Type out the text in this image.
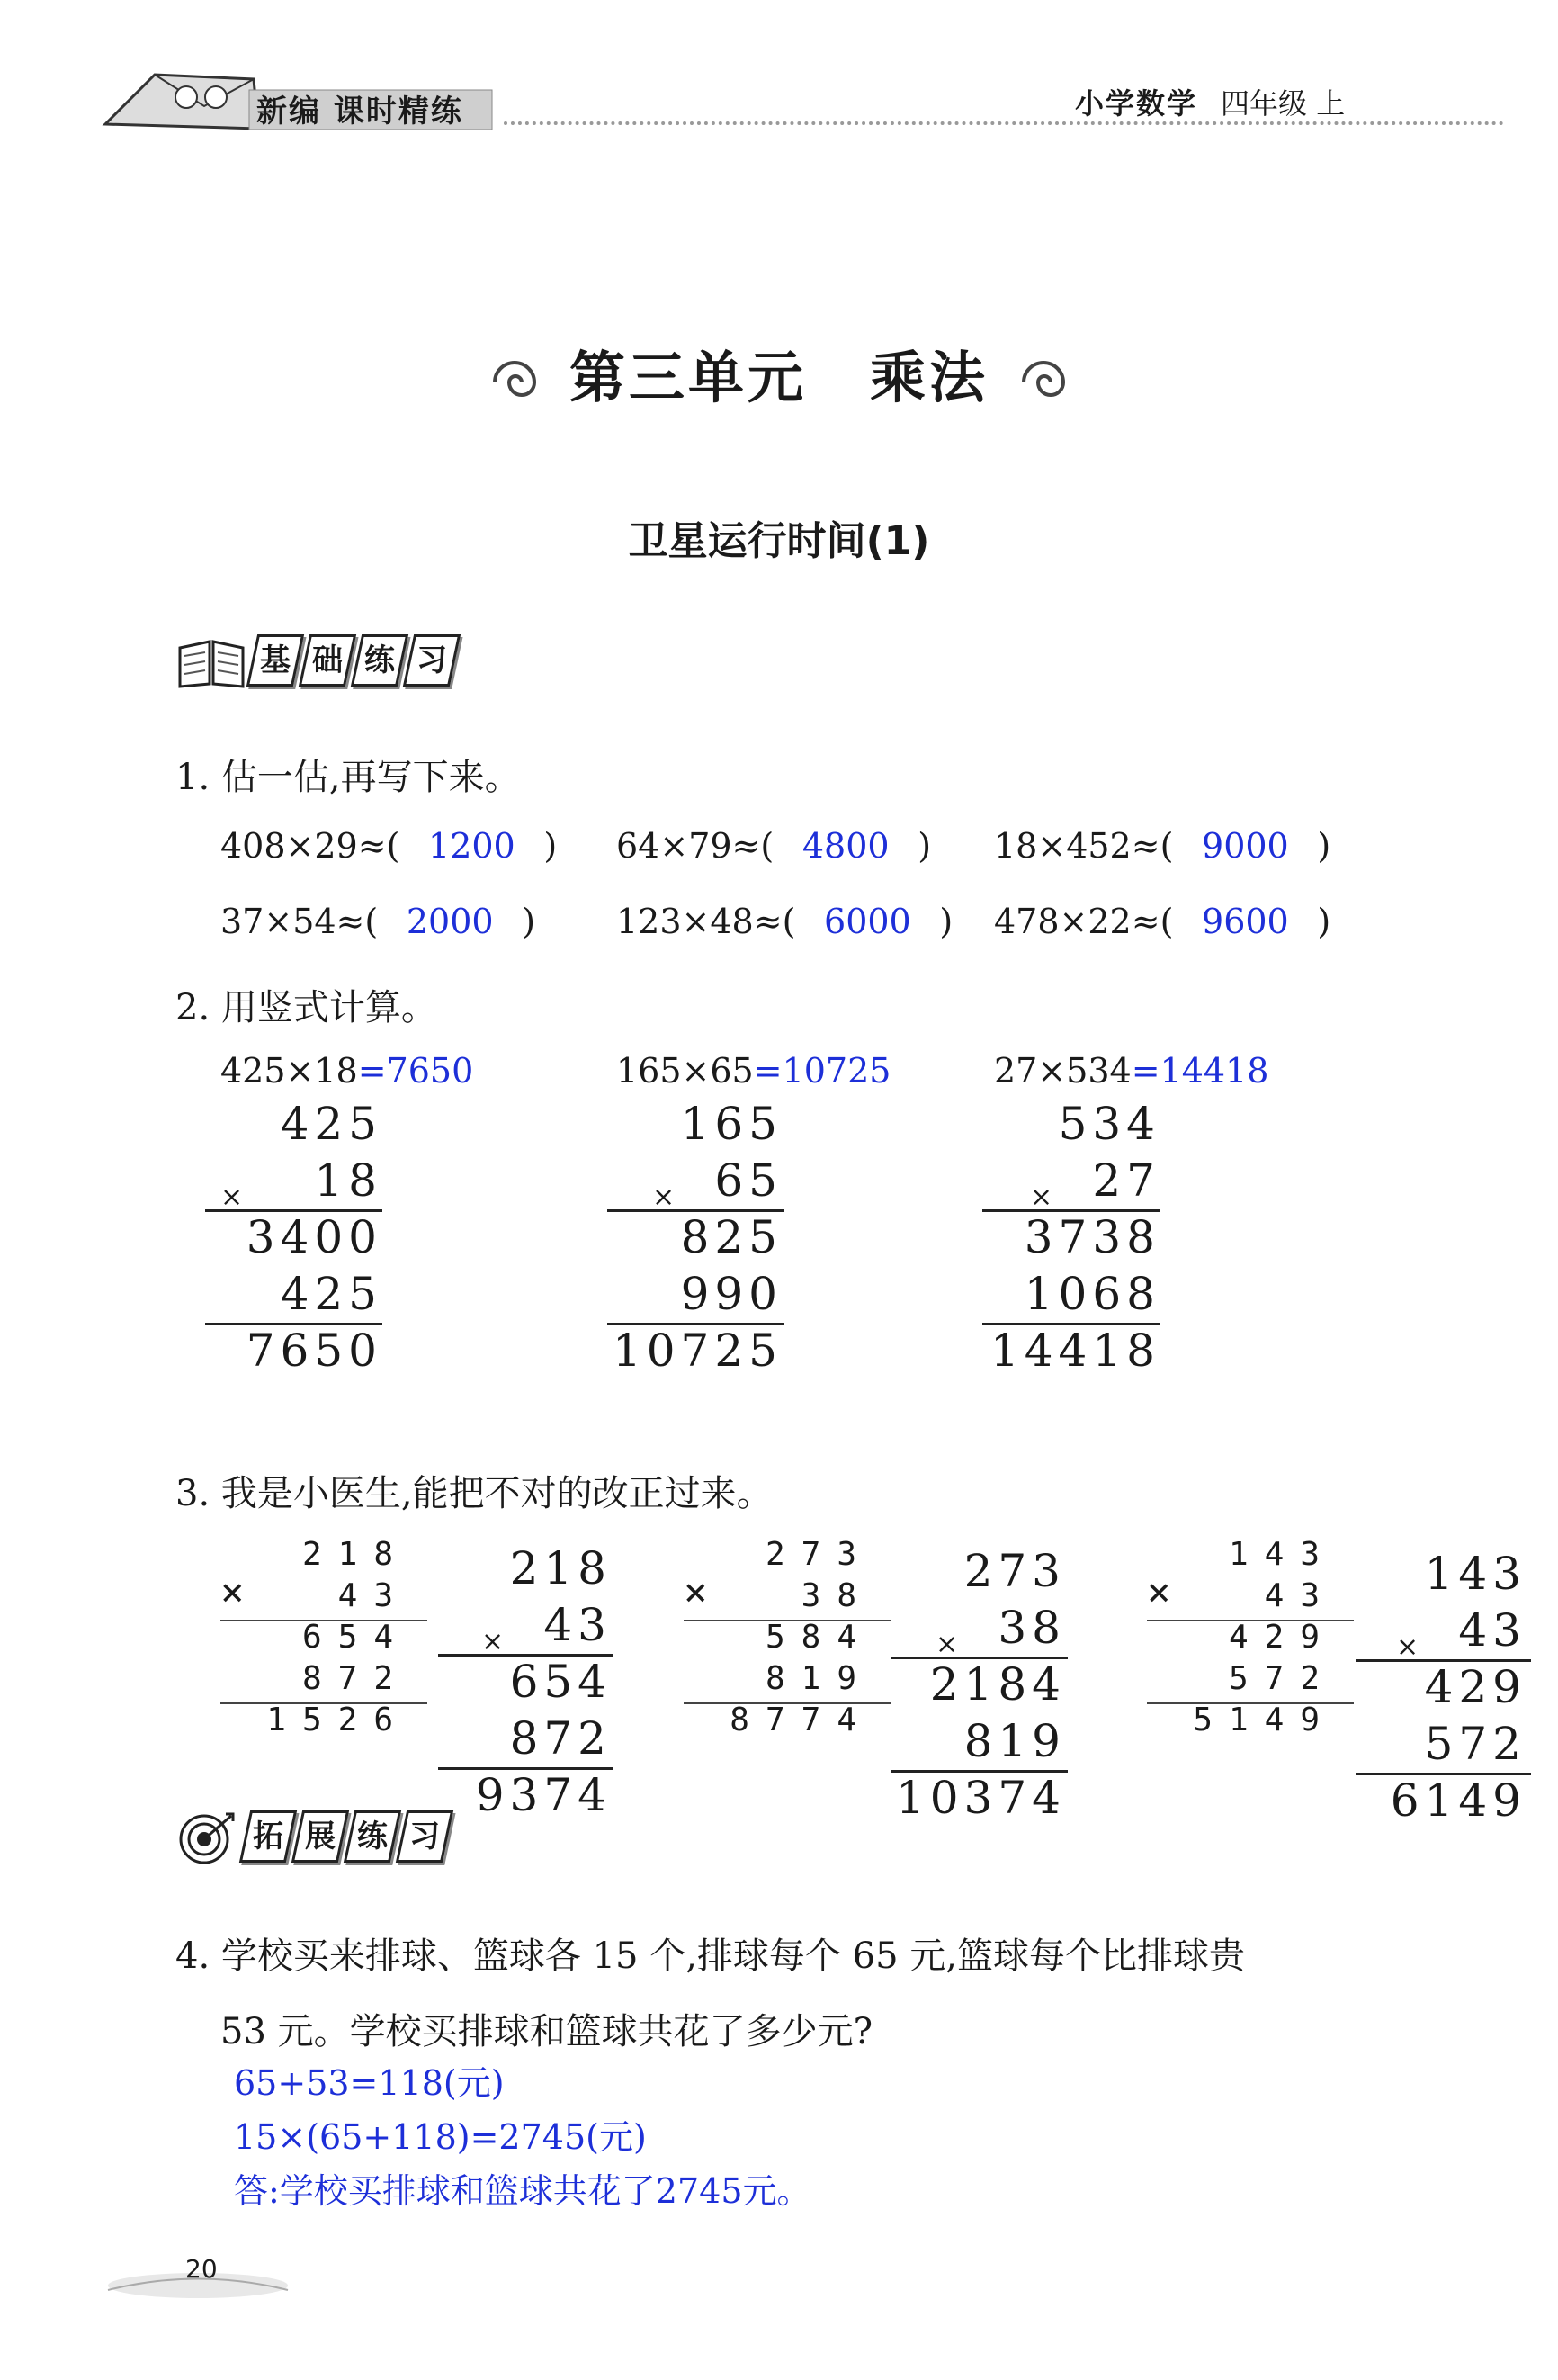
新编 课时精练	小学数学 四年级 上
第三单元 乘法
卫星运行时间(1)
基 础 练 习
1. 估一估,再写下来。
408×29≈( 1200 ) 64×79≈( 4800 ) 18×452≈( 9000 )
37×54≈( 2000 ) 123×48≈( 6000 ) 478×22≈( 9600 )
2. 用竖式计算。
425×18=7650
425
× 18
3400
425
7650
165×65=10725
165
× 65
825
990
10725
27×534=14418
534
× 27
3738
1068
14418
3. 我是小医生,能把不对的改正过来。
218
× 43
654
872
1526
218
× 43
654
872
9374
273
× 38
584
819
8774
273
× 38
2184
819
10374
143
× 43
429
572
5149
143
× 43
429
572
6149
拓 展 练 习
4. 学校买来排球、篮球各 15 个,排球每个 65 元,篮球每个比排球贵
53 元。学校买排球和篮球共花了多少元?
65+53=118(元)
15×(65+118)=2745(元)
答:学校买排球和篮球共花了2745元。
20
